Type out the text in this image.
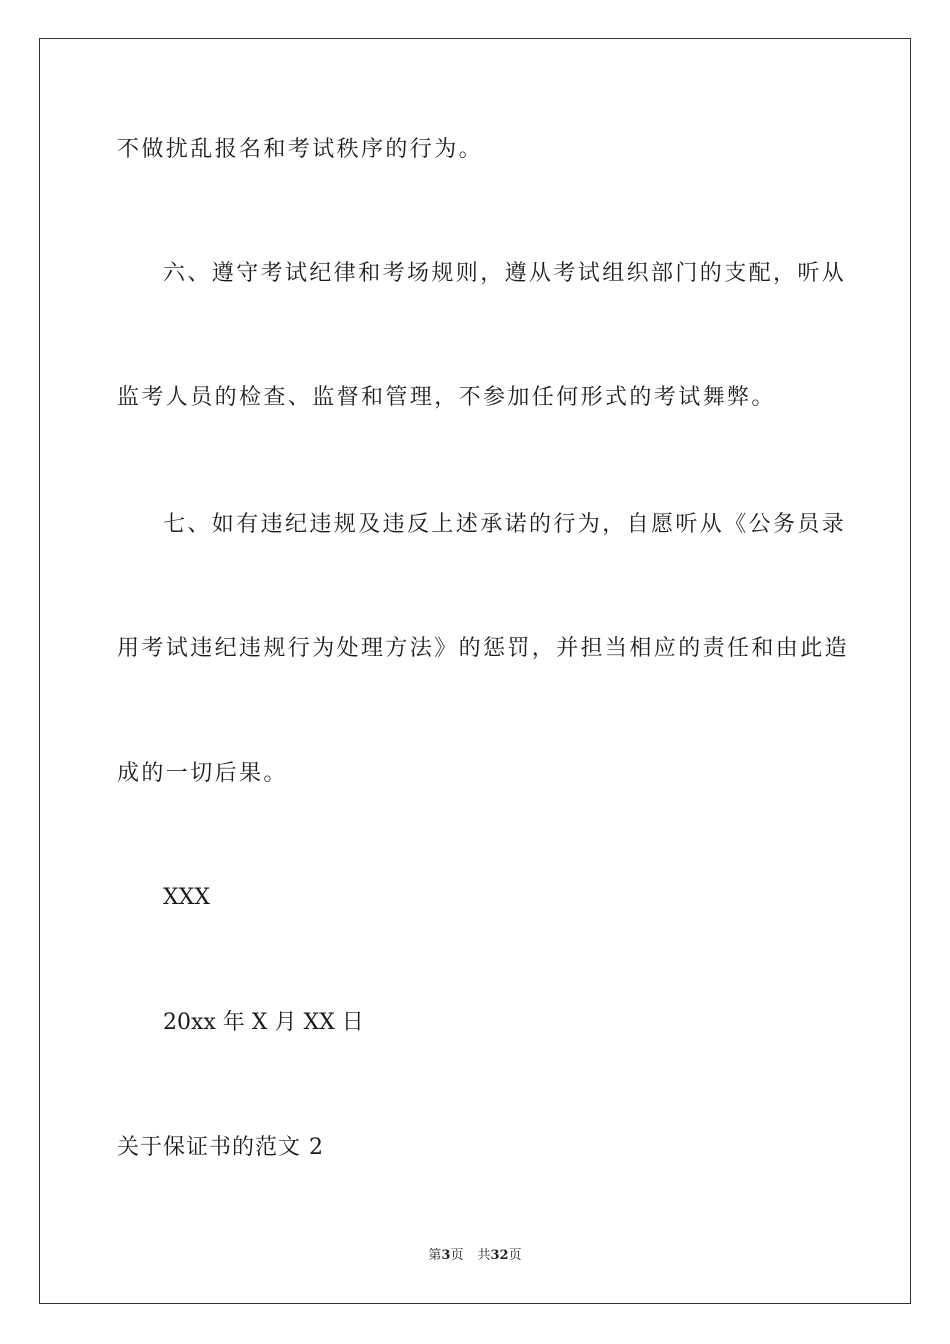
不做扰乱报名和考试秩序的行为。
六、遵守考试纪律和考场规则，遵从考试组织部门的支配，听从
监考人员的检查、监督和管理，不参加任何形式的考试舞弊。
七、如有违纪违规及违反上述承诺的行为，自愿听从《公务员录
用考试违纪违规行为处理方法》的惩罚，并担当相应的责任和由此造
成的一切后果。
XXX
20xx 年 X 月 XX 日
关于保证书的范文 2
第3页 共32页
